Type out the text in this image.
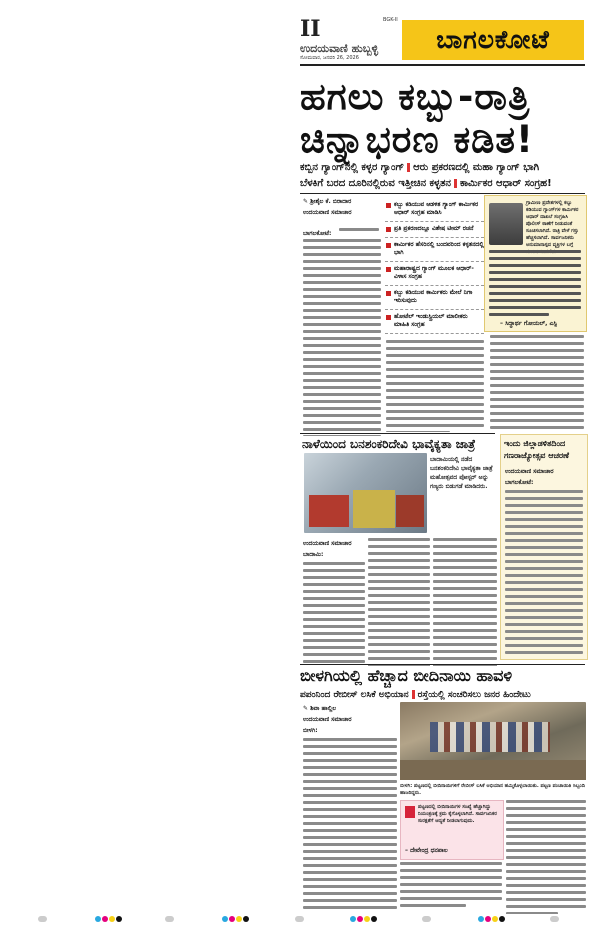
II	BGK-II
ಉದಯವಾಣಿ ಹುಬ್ಬಳ್ಳಿ
ಸೋಮವಾರ, ಜನವರಿ 26, 2026
ಬಾಗಲಕೋಟೆ
ಹಗಲು ಕಬ್ಬು-ರಾತ್ರಿ
ಚಿನ್ನಾಭರಣ ಕಡಿತ!
ಕಬ್ಬಿನ ಗ್ಯಾಂಗ್‌ನಲ್ಲಿ ಕಳ್ಳರ ಗ್ಯಾಂಗ್ ಆರು ಪ್ರಕರಣದಲ್ಲಿ ಮಹಾ ಗ್ಯಾಂಗ್ ಭಾಗಿ
ಬೆಳಕಿಗೆ ಬರದ ದೂರಿನಲ್ಲಿರುವ ಇತ್ತೀಚಿನ ಕಳ್ಳತನ ಕಾರ್ಮಿಕರ ಆಧಾರ್ ಸಂಗ್ರಹ!
✎ ಶ್ರೀಶೈಲ ಕೆ. ಬಿರಾದಾರ
ಉದಯವಾಣಿ ಸಮಾಚಾರ
ಬಾಗಲಕೋಟೆ:
ಕಬ್ಬು ಕಡಿಯುವ ಆಡಳಿತ ಗ್ಯಾಂಗ್ ಕಾರ್ಮಿಕರ ಆಧಾರ್ ಸಂಗ್ರಹ ಮಾಡಿಸಿ
ಪ್ರತಿ ಪ್ರಕರಣದಲ್ಲೂ ವಿಶೇಷ ಟೀಮ್ ರಚನೆ
ಕಾರ್ಮಿಕರ ಹೆಸರಿನಲ್ಲಿ ಬಂದವರಿಂದ ಕಳ್ಳತನದಲ್ಲಿ ಭಾಗಿ
ಮಹಾರಾಷ್ಟ್ರದ ಗ್ಯಾಂಗ್ ಮೂಲಕ ಆಧಾರ್-ವಿಳಾಸ ಸಂಗ್ರಹ
ಕಬ್ಬು ಕಡಿಯುವ ಕಾರ್ಮಿಕರು ಮೇಲೆ ನಿಗಾ ಇರಿಸುವುದು
ಹೋಟೆಲ್ ಇಂಡುಸ್ಟ್ರಿಯಲ್ ಮಾಲೀಕರು ಮಾಹಿತಿ ಸಂಗ್ರಹ
ಗ್ರಾಮೀಣ ಪ್ರದೇಶಗಳಲ್ಲಿ ಕಬ್ಬು ಕಡಿಯುವ ಗ್ಯಾಂಗ್‌ಗಳ ಕಾರ್ಮಿಕರ ಆಧಾರ್ ದಾಖಲೆ ಸಂಗ್ರಹಿಸಿ ಪೊಲೀಸ್ ಠಾಣೆಗೆ ನೀಡುವಂತೆ ಸೂಚಿಸಲಾಗಿದೆ. ರಾತ್ರಿ ವೇಳೆ ಗಸ್ತು ಹೆಚ್ಚಿಸಲಾಗಿದೆ. ಸಾರ್ವಜನಿಕರು ಅನುಮಾನಾಸ್ಪದ ವ್ಯಕ್ತಿಗಳ ಬಗ್ಗೆ
– ಸಿದ್ಧಾರ್ಥ ಗೋಯಲ್, ಎಸ್ಪಿ
ನಾಳೆಯಿಂದ ಬನಶಂಕರಿದೇವಿ ಭಾವೈಕ್ಯತಾ ಜಾತ್ರೆ
ಬಾದಾಮಿಯಲ್ಲಿ ನಡೆದ ಬನಶಂಕರಿದೇವಿ ಭಾವೈಕ್ಯತಾ ಜಾತ್ರೆ ಮಹೋತ್ಸವದ ಪೋಸ್ಟರ್ ಅನ್ನು ಗಣ್ಯರು ಬಿಡುಗಡೆ ಮಾಡಿದರು.
ಉದಯವಾಣಿ ಸಮಾಚಾರ
ಬಾದಾಮಿ:
ಇಂದು ಜಿಲ್ಲಾಡಳಿತದಿಂದ ಗಣರಾಜ್ಯೋತ್ಸವ ಆಚರಣೆ
ಉದಯವಾಣಿ ಸಮಾಚಾರ
ಬಾಗಲಕೋಟೆ:
ಬೀಳಗಿಯಲ್ಲಿ ಹೆಚ್ಚಾದ ಬೀದಿನಾಯಿ ಹಾವಳಿ
ಪಪಂನಿಂದ ರೇಬೀಸ್ ಲಸಿಕೆ ಅಭಿಯಾನ ರಸ್ತೆಯಲ್ಲಿ ಸಂಚರಿಸಲು ಜನರ ಹಿಂದೇಟು
✎ ಶಿವಾ ಹಾಲ್ಲಿಲ
ಉದಯವಾಣಿ ಸಮಾಚಾರ
ಬೀಳಗಿ:
ಬೀಳಗಿ: ಪಟ್ಟಣದಲ್ಲಿ ಬೀದಿನಾಯಿಗಳಿಗೆ ರೇಬೀಸ್ ಲಸಿಕೆ ಅಭಿಯಾನ ಹಮ್ಮಿಕೊಳ್ಳಲಾಯಿತು. ಪಟ್ಟಣ ಪಂಚಾಯಿತಿ ಸಿಬ್ಬಂದಿ ಹಾಜರಿದ್ದರು.
ಪಟ್ಟಣದಲ್ಲಿ ಬೀದಿನಾಯಿಗಳ ಸಂಖ್ಯೆ ಹೆಚ್ಚಾಗಿದ್ದು ನಿಯಂತ್ರಣಕ್ಕೆ ಕ್ರಮ ಕೈಗೊಳ್ಳಲಾಗಿದೆ. ಸಾರ್ವಜನಿಕರ ಸುರಕ್ಷತೆಗೆ ಆದ್ಯತೆ ನೀಡಲಾಗುವುದು.
– ದೇವೇಂದ್ರ ಧನಪಾಲ
